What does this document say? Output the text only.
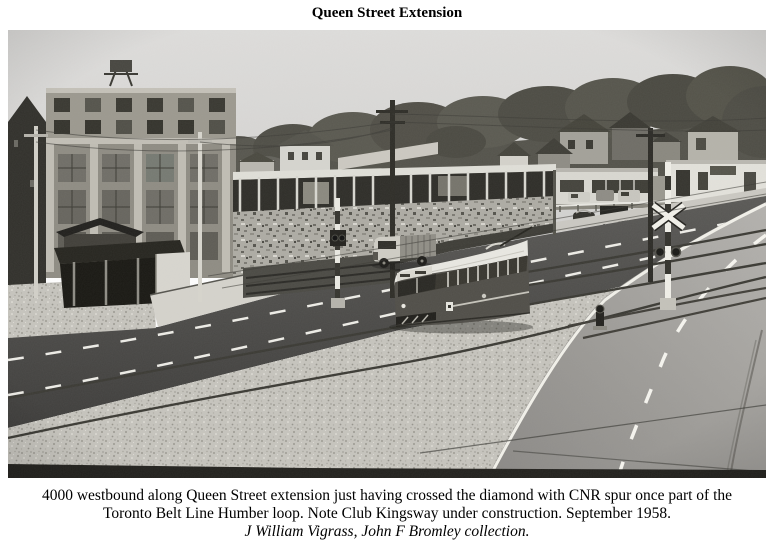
Queen Street Extension
4000 westbound along Queen Street extension just having crossed the diamond with CNR spur once part of the
Toronto Belt Line Humber loop. Note Club Kingsway under construction. September 1958.
J William Vigrass, John F Bromley collection.
